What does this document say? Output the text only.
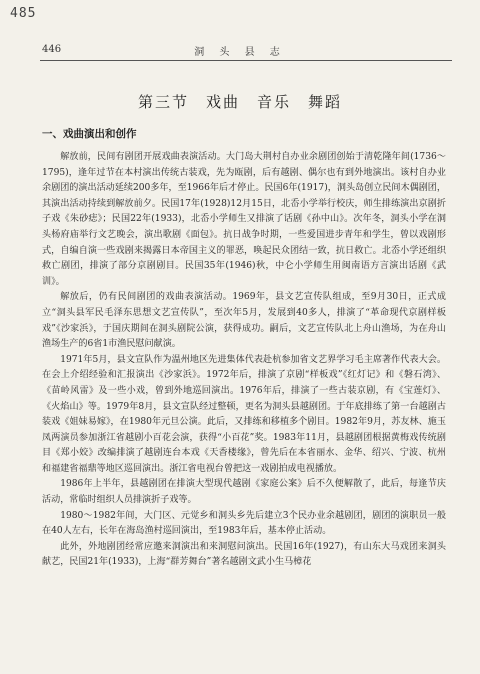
485
446	洞 头 县 志
第三节　戏曲　音乐　舞蹈
一、戏曲演出和创作

解放前，民间有剧团开展戏曲表演活动。大门岛大荆村自办业余剧团创始于清乾隆年间(1736～1795)，逢年过节在本村演出传统古装戏，先为瓯剧，后有越剧、偶尔也有到外地演出。该村自办业余剧团的演出活动延续200多年，至1966年后才停止。民国6年(1917)，洞头岛创立民间木偶剧团，其演出活动持续到解放前夕。民国17年(1928)12月15日，北岙小学举行校庆，师生排练演出京剧折子戏《朱砂痣》；民国22年(1933)，北岙小学师生又排演了话剧《孙中山》。次年冬，洞头小学在洞头杨府庙举行文艺晚会，演出歌剧《面包》。抗日战争时期，一些爱国进步青年和学生，曾以戏剧形式，自编自演一些戏剧来揭露日本帝国主义的罪恶，唤起民众团结一致，抗日救亡。北岙小学还组织救亡剧团，排演了部分京剧剧目。民国35年(1946)秋，中仑小学师生用闽南语方言演出话剧《武训》。

解放后，仍有民间剧团的戏曲表演活动。1969年，县文艺宣传队组成，至9月30日，正式成立“洞头县军民毛泽东思想文艺宣传队”，至次年5月，发展到40多人，排演了“革命现代京剧样板戏”《沙家浜》，于国庆期间在洞头剧院公演，获得成功。嗣后，文艺宣传队北上舟山渔场，为在舟山渔场生产的6省1市渔民慰问献演。

1971年5月，县文宣队作为温州地区先进集体代表赴杭参加省文艺界学习毛主席著作代表大会。在会上介绍经验和汇报演出《沙家浜》。1972年后，排演了京剧“样板戏”《红灯记》和《磐石湾》、《苗岭风雷》及一些小戏，曾到外地巡回演出。1976年后，排演了一些古装京剧，有《宝莲灯》、《火焰山》等。1979年8月，县文宣队经过整顿，更名为洞头县越剧团。于年底排练了第一台越剧古装戏《姐妹易嫁》，在1980年元旦公演。此后，又排练和移植多个剧目。1982年9月，苏友林、施玉凤两演员参加浙江省越剧小百花会演，获得“小百花”奖。1983年11月，县越剧团根据黄梅戏传统剧目《郑小姣》改编排演了越剧连台本戏《天香楼缘》，曾先后在本省丽水、金华、绍兴、宁波、杭州和福建省福鼎等地区巡回演出。浙江省电视台曾把这一戏剧拍成电视播放。

1986年上半年，县越剧团在排演大型现代越剧《家庭公案》后不久便解散了，此后，每逢节庆活动，常临时组织人员排演折子戏等。

1980～1982年间，大门区、元觉乡和洞头乡先后建立3个民办业余越剧团，剧团的演职员一般在40人左右，长年在海岛渔村巡回演出，至1983年后，基本停止活动。

此外，外地剧团经常应邀来洞演出和来洞慰问演出。民国16年(1927)，有山东大马戏团来洞头献艺，民国21年(1933)，上海“群芳舞台”著名越剧文武小生马樟花
